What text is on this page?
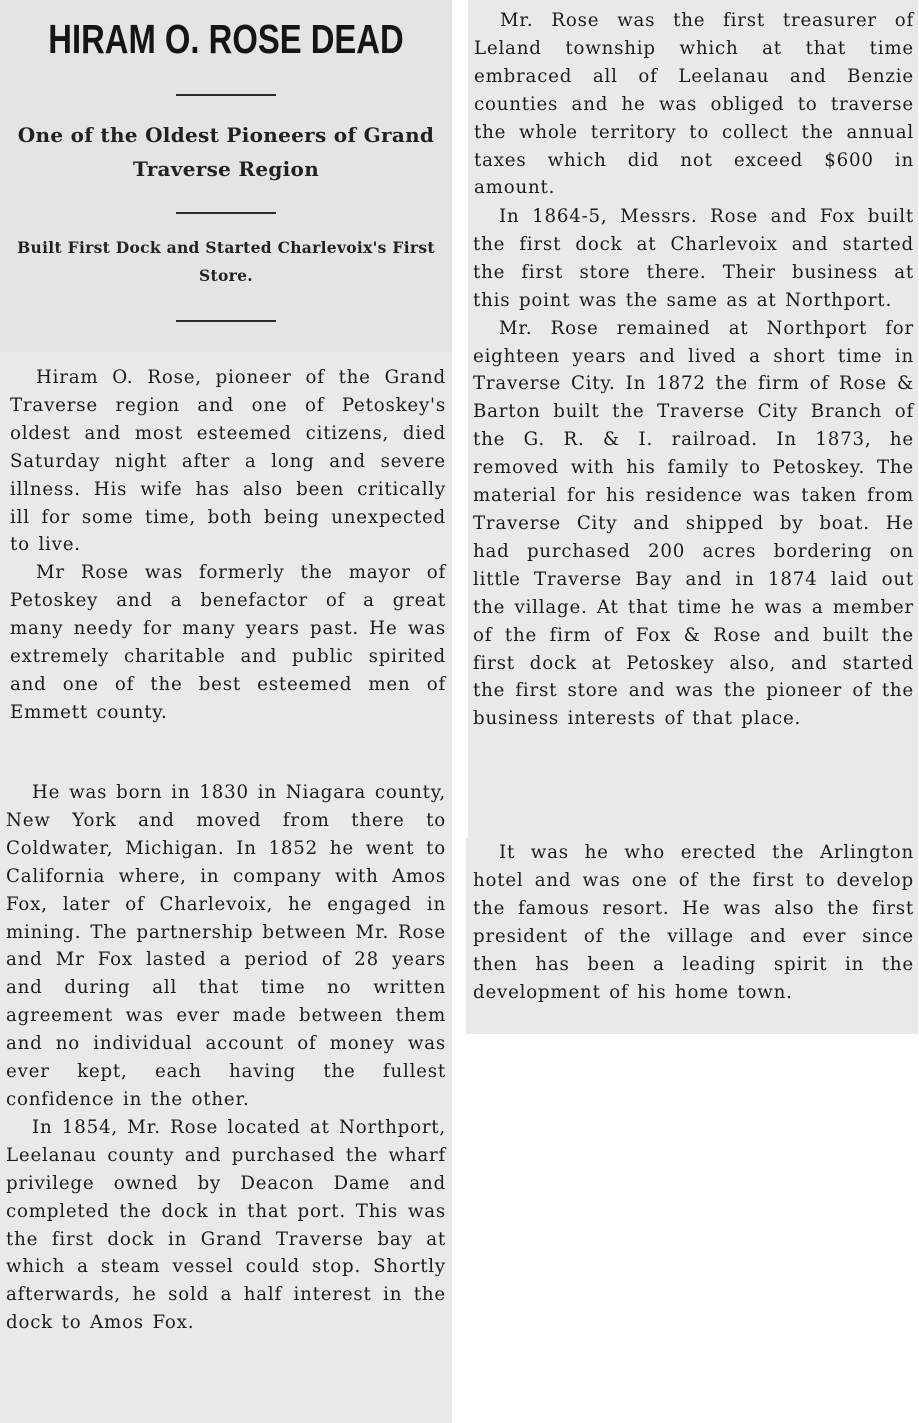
HIRAM O. ROSE DEAD
One of the Oldest Pioneers of Grand Traverse Region
Built First Dock and Started Charlevoix's First Store.

Hiram O. Rose, pioneer of the Grand Traverse region and one of Petoskey's oldest and most esteemed citizens, died Saturday night after a long and severe illness. His wife has also been critically ill for some time, both being unexpected to live.

Mr Rose was formerly the mayor of Petoskey and a benefactor of a great many needy for many years past. He was extremely charitable and public spirited and one of the best esteemed men of Emmett county.

He was born in 1830 in Niagara county, New York and moved from there to Coldwater, Michigan. In 1852 he went to California where, in company with Amos Fox, later of Charlevoix, he engaged in mining. The partnership between Mr. Rose and Mr Fox lasted a period of 28 years and during all that time no written agreement was ever made between them and no individual account of money was ever kept, each having the fullest confidence in the other.

In 1854, Mr. Rose located at Northport, Leelanau county and purchased the wharf privilege owned by Deacon Dame and completed the dock in that port. This was the first dock in Grand Traverse bay at which a steam vessel could stop. Shortly afterwards, he sold a half interest in the dock to Amos Fox.

Mr. Rose was the first treasurer of Leland township which at that time embraced all of Leelanau and Benzie counties and he was obliged to traverse the whole territory to collect the annual taxes which did not exceed $600 in amount.

In 1864-5, Messrs. Rose and Fox built the first dock at Charlevoix and started the first store there. Their business at this point was the same as at Northport.

Mr. Rose remained at Northport for eighteen years and lived a short time in Traverse City. In 1872 the firm of Rose & Barton built the Traverse City Branch of the G. R. & I. railroad. In 1873, he removed with his family to Petoskey. The material for his residence was taken from Traverse City and shipped by boat. He had purchased 200 acres bordering on little Traverse Bay and in 1874 laid out the village. At that time he was a member of the firm of Fox & Rose and built the first dock at Petoskey also, and started the first store and was the pioneer of the business interests of that place.

It was he who erected the Arlington hotel and was one of the first to develop the famous resort. He was also the first president of the village and ever since then has been a leading spirit in the development of his home town.
